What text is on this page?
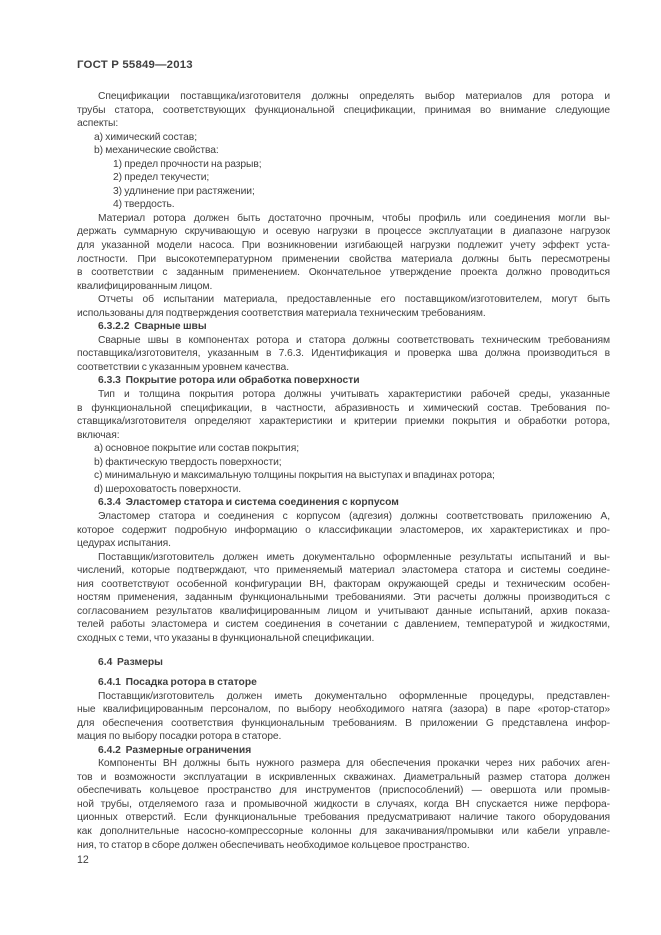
ГОСТ Р 55849—2013
Спецификации поставщика/изготовителя должны определять выбор материалов для ротора и
трубы статора, соответствующих функциональной спецификации, принимая во внимание следующие
аспекты:
a) химический состав;
b) механические свойства:
1) предел прочности на разрыв;
2) предел текучести;
3) удлинение при растяжении;
4) твердость.
Материал ротора должен быть достаточно прочным, чтобы профиль или соединения могли вы-
держать суммарную скручивающую и осевую нагрузки в процессе эксплуатации в диапазоне нагрузок
для указанной модели насоса. При возникновении изгибающей нагрузки подлежит учету эффект уста-
лостности. При высокотемпературном применении свойства материала должны быть пересмотрены
в соответствии с заданным применением. Окончательное утверждение проекта должно проводиться
квалифицированным лицом.
Отчеты об испытании материала, предоставленные его поставщиком/изготовителем, могут быть
использованы для подтверждения соответствия материала техническим требованиям.
6.3.2.2  Сварные швы
Сварные швы в компонентах ротора и статора должны соответствовать техническим требованиям
поставщика/изготовителя, указанным в 7.6.3. Идентификация и проверка шва должна производиться в
соответствии с указанным уровнем качества.
6.3.3  Покрытие ротора или обработка поверхности
Тип и толщина покрытия ротора должны учитывать характеристики рабочей среды, указанные
в функциональной спецификации, в частности, абразивность и химический состав. Требования по-
ставщика/изготовителя определяют характеристики и критерии приемки покрытия и обработки ротора,
включая:
a) основное покрытие или состав покрытия;
b) фактическую твердость поверхности;
c) минимальную и максимальную толщины покрытия на выступах и впадинах ротора;
d) шероховатость поверхности.
6.3.4  Эластомер статора и система соединения с корпусом
Эластомер статора и соединения с корпусом (адгезия) должны соответствовать приложению А,
которое содержит подробную информацию о классификации эластомеров, их характеристиках и про-
цедурах испытания.
Поставщик/изготовитель должен иметь документально оформленные результаты испытаний и вы-
числений, которые подтверждают, что применяемый материал эластомера статора и системы соедине-
ния соответствуют особенной конфигурации ВН, факторам окружающей среды и техническим особен-
ностям применения, заданным функциональными требованиями. Эти расчеты должны производиться с
согласованием результатов квалифицированным лицом и учитывают данные испытаний, архив показа-
телей работы эластомера и систем соединения в сочетании с давлением, температурой и жидкостями,
сходных с теми, что указаны в функциональной спецификации.
6.4  Размеры
6.4.1  Посадка ротора в статоре
Поставщик/изготовитель должен иметь документально оформленные процедуры, представлен-
ные квалифицированным персоналом, по выбору необходимого натяга (зазора) в паре «ротор-статор»
для обеспечения соответствия функциональным требованиям. В приложении G представлена инфор-
мация по выбору посадки ротора в статоре.
6.4.2  Размерные ограничения
Компоненты ВН должны быть нужного размера для обеспечения прокачки через них рабочих аген-
тов и возможности эксплуатации в искривленных скважинах. Диаметральный размер статора должен
обеспечивать кольцевое пространство для инструментов (приспособлений) — овершота или промыв-
ной трубы, отделяемого газа и промывочной жидкости в случаях, когда ВН спускается ниже перфора-
ционных отверстий. Если функциональные требования предусматривают наличие такого оборудования
как дополнительные насосно-компрессорные колонны для закачивания/промывки или кабели управле-
ния, то статор в сборе должен обеспечивать необходимое кольцевое пространство.
12
